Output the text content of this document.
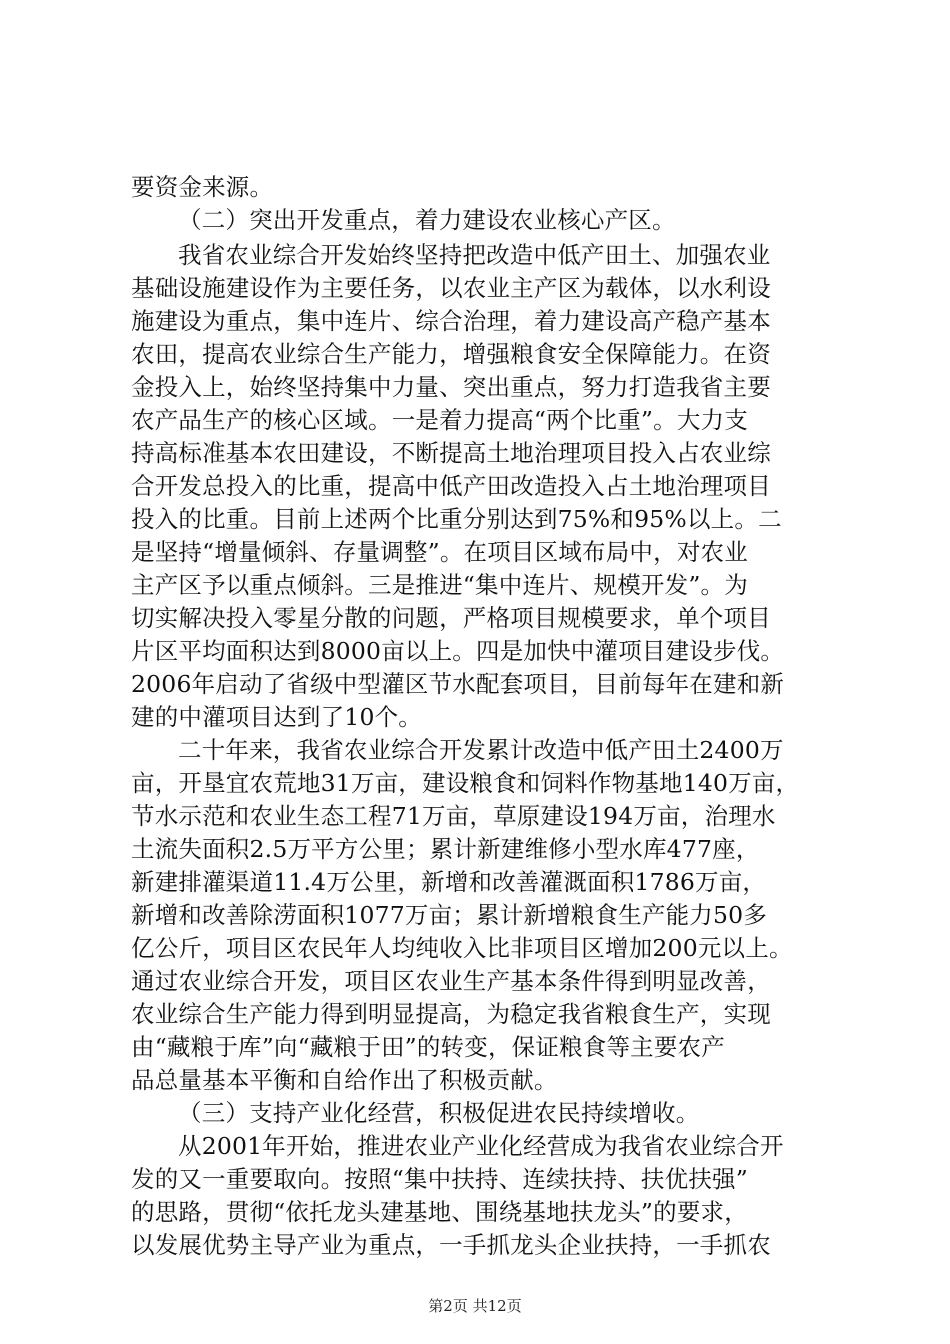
要资金来源。
（二）突出开发重点，着力建设农业核心产区。
我省农业综合开发始终坚持把改造中低产田土、加强农业
基础设施建设作为主要任务，以农业主产区为载体，以水利设
施建设为重点，集中连片、综合治理，着力建设高产稳产基本
农田，提高农业综合生产能力，增强粮食安全保障能力。在资
金投入上，始终坚持集中力量、突出重点，努力打造我省主要
农产品生产的核心区域。一是着力提高“两个比重”。大力支
持高标准基本农田建设，不断提高土地治理项目投入占农业综
合开发总投入的比重，提高中低产田改造投入占土地治理项目
投入的比重。目前上述两个比重分别达到75%和95%以上。二
是坚持“增量倾斜、存量调整”。在项目区域布局中，对农业
主产区予以重点倾斜。三是推进“集中连片、规模开发”。为
切实解决投入零星分散的问题，严格项目规模要求，单个项目
片区平均面积达到8000亩以上。四是加快中灌项目建设步伐。
2006年启动了省级中型灌区节水配套项目，目前每年在建和新
建的中灌项目达到了10个。
二十年来，我省农业综合开发累计改造中低产田土2400万
亩，开垦宜农荒地31万亩，建设粮食和饲料作物基地140万亩，
节水示范和农业生态工程71万亩，草原建设194万亩，治理水
土流失面积2.5万平方公里；累计新建维修小型水库477座，
新建排灌渠道11.4万公里，新增和改善灌溉面积1786万亩，
新增和改善除涝面积1077万亩；累计新增粮食生产能力50多
亿公斤，项目区农民年人均纯收入比非项目区增加200元以上。
通过农业综合开发，项目区农业生产基本条件得到明显改善，
农业综合生产能力得到明显提高，为稳定我省粮食生产，实现
由“藏粮于库”向“藏粮于田”的转变，保证粮食等主要农产
品总量基本平衡和自给作出了积极贡献。
（三）支持产业化经营，积极促进农民持续增收。
从2001年开始，推进农业产业化经营成为我省农业综合开
发的又一重要取向。按照“集中扶持、连续扶持、扶优扶强”
的思路，贯彻“依托龙头建基地、围绕基地扶龙头”的要求，
以发展优势主导产业为重点，一手抓龙头企业扶持，一手抓农
第2页 共12页
